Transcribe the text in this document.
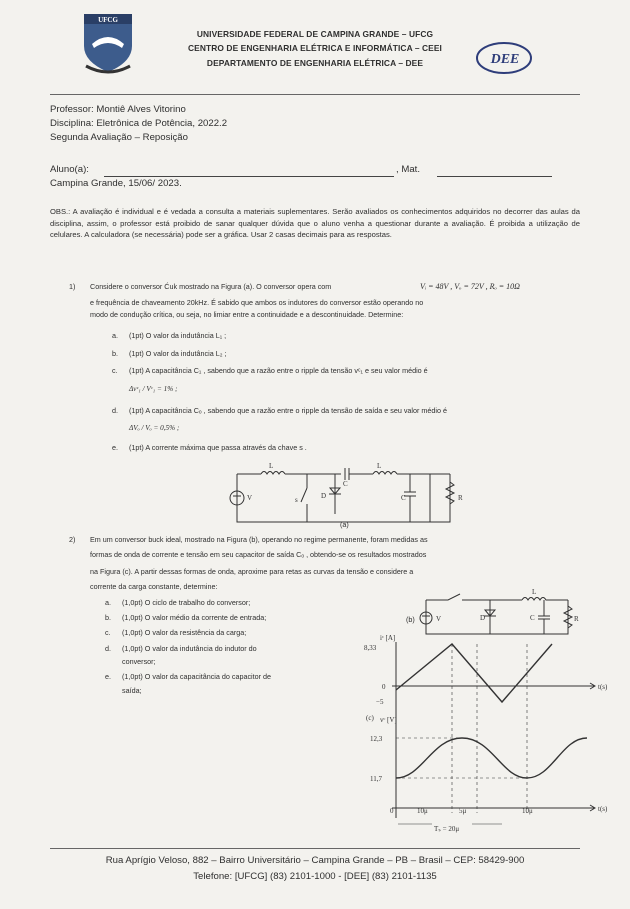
UFCG
UNIVERSIDADE FEDERAL DE CAMPINA GRANDE – UFCG
CENTRO DE ENGENHARIA ELÉTRICA E INFORMÁTICA – CEEI
DEPARTAMENTO DE ENGENHARIA ELÉTRICA – DEE	DEE
Professor: Montiê Alves Vitorino
Disciplina: Eletrônica de Potência, 2022.2
Segunda Avaliação – Reposição
Aluno(a):	, Mat.
Campina Grande, 15/06/ 2023.
OBS.: A avaliação é individual e é vedada a consulta a materiais suplementares. Serão avaliados os conhecimentos adquiridos no decorrer das aulas da disciplina, assim, o professor está proibido de sanar qualquer dúvida que o aluno venha a questionar durante a avaliação. É proibida a utilização de celulares. A calculadora (se necessária) pode ser a gráfica. Usar 2 casas decimais para as respostas.
1) Considere o conversor Ćuk mostrado na Figura (a). O conversor opera com	Vᵢ = 48V , Vₒ = 72V , Rₒ = 10Ω
e frequência de chaveamento 20kHz. É sabido que ambos os indutores do conversor estão operando no
modo de condução crítica, ou seja, no limiar entre a continuidade e a descontinuidade. Determine:
a. (1pt) O valor da indutância L₁ ;
b. (1pt) O valor da indutância L₂ ;
c. (1pt) A capacitância C₁ , sabendo que a razão entre o ripple da tensão vᶜ₁ e seu valor médio é
Δvᶜ₁ / Vᶜ₁ = 1% ;
d. (1pt) A capacitância Cₒ , sabendo que a razão entre o ripple da tensão de saída e seu valor médio é
ΔVₒ / Vₒ = 0,5% ;
e. (1pt) A corrente máxima que passa através da chave s .
V
L	L
C
D	C	R
s
(a)
2) Em um conversor buck ideal, mostrado na Figura (b), operando no regime permanente, foram medidas as
formas de onda de corrente e tensão em seu capacitor de saída Cₒ , obtendo-se os resultados mostrados
na Figura (c). A partir dessas formas de onda, aproxime para retas as curvas da tensão e considere a
corrente da carga constante, determine:
a. (1,0pt) O ciclo de trabalho do conversor;
b. (1,0pt) O valor médio da corrente de entrada;
c. (1,0pt) O valor da resistência da carga;
d. (1,0pt) O valor da indutância do indutor do
conversor;
e. (1,0pt) O valor da capacitância do capacitor de
saída;
(b)	V	D
L
C	R
iᶜ [A]
8,33
0
−5
t(s)
(c) vᶜ [V]
12,3
11,7
t(s)
0	10μ	5μ	10μ
Tₛ = 20μ
Rua Aprígio Veloso, 882 – Bairro Universitário – Campina Grande – PB – Brasil – CEP: 58429-900
Telefone: [UFCG] (83) 2101-1000 - [DEE] (83) 2101-1135
